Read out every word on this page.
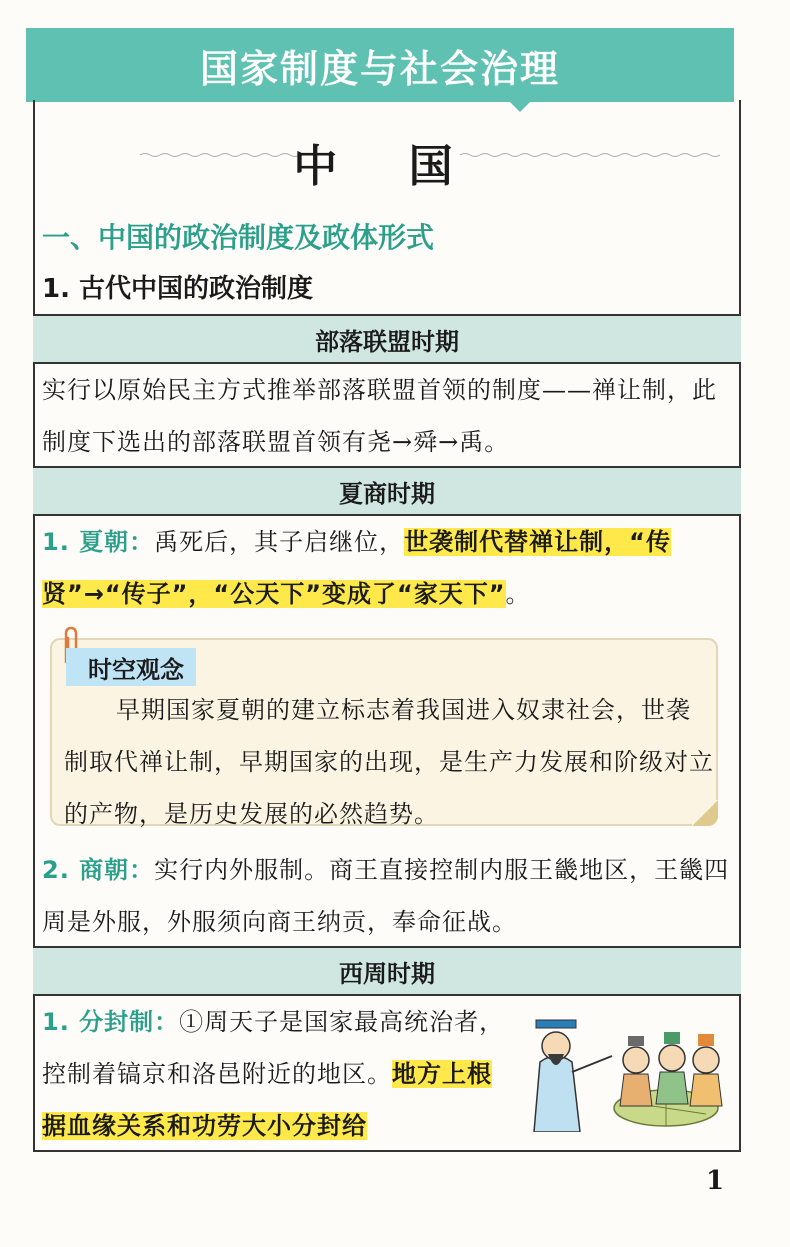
国家制度与社会治理
中 国
一、中国的政治制度及政体形式
1. 古代中国的政治制度
部落联盟时期
实行以原始民主方式推举部落联盟首领的制度——禅让制，此制度下选出的部落联盟首领有尧→舜→禹。
夏商时期
1. 夏朝：禹死后，其子启继位，世袭制代替禅让制，“传贤”→“传子”，“公天下”变成了“家天下”。
时空观念
早期国家夏朝的建立标志着我国进入奴隶社会，世袭制取代禅让制，早期国家的出现，是生产力发展和阶级对立的产物，是历史发展的必然趋势。
2. 商朝：实行内外服制。商王直接控制内服王畿地区，王畿四周是外服，外服须向商王纳贡，奉命征战。
西周时期
1. 分封制：①周天子是国家最高统治者，控制着镐京和洛邑附近的地区。地方上根据血缘关系和功劳大小分封给
1
